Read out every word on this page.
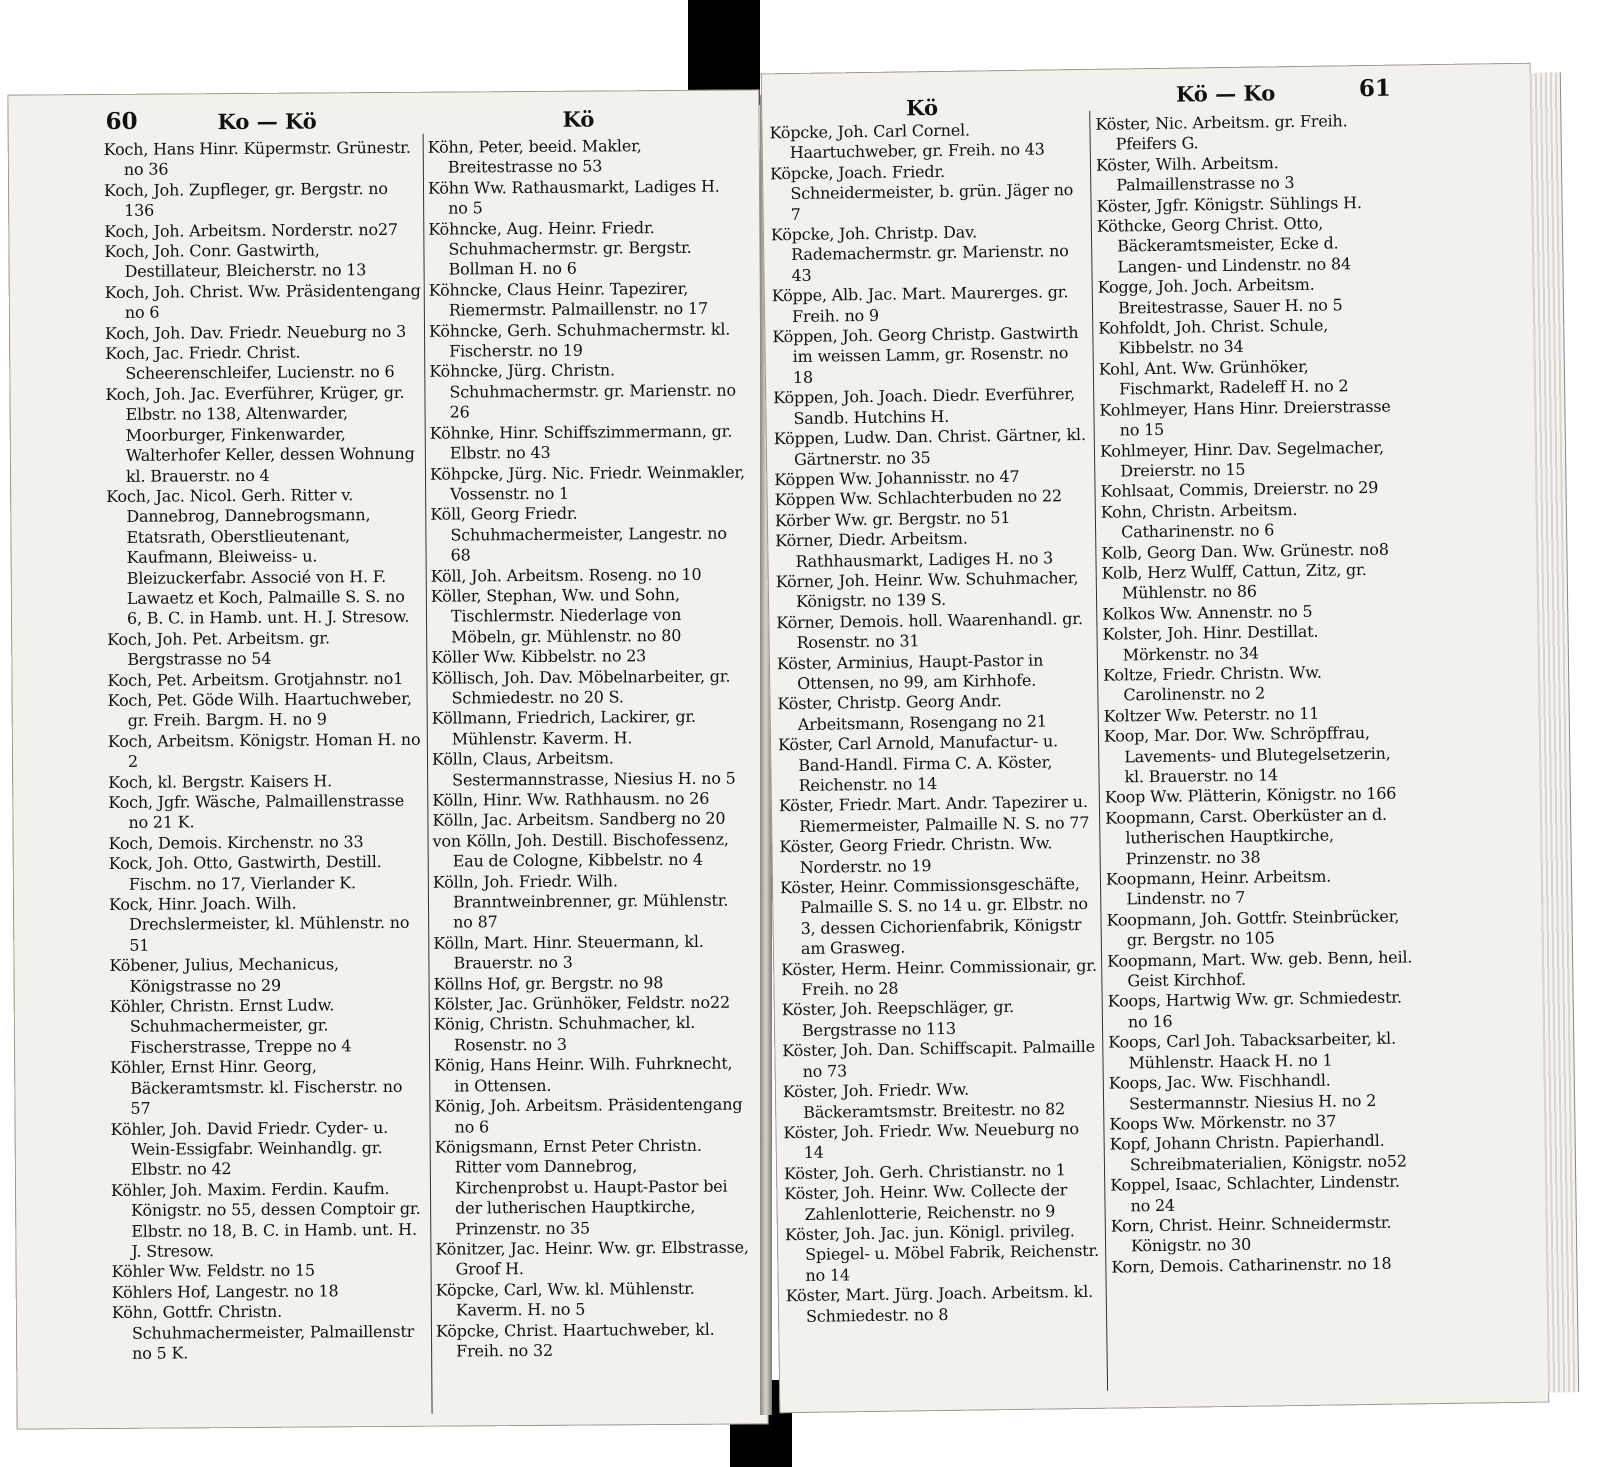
60	Ko — Kö	Kö

Koch, Hans Hinr. Küpermstr. Grünestr. no 36

Koch, Joh. Zupfleger, gr. Bergstr. no 136

Koch, Joh. Arbeitsm. Norderstr. no27

Koch, Joh. Conr. Gastwirth, Destillateur, Bleicherstr. no 13

Koch, Joh. Christ. Ww. Präsidentengang no 6

Koch, Joh. Dav. Friedr. Neueburg no 3

Koch, Jac. Friedr. Christ. Scheerenschleifer, Lucienstr. no 6

Koch, Joh. Jac. Everführer, Krüger, gr. Elbstr. no 138, Altenwarder, Moorburger, Finkenwarder, Walterhofer Keller, dessen Wohnung kl. Brauerstr. no 4

Koch, Jac. Nicol. Gerh. Ritter v. Dannebrog, Dannebrogsmann, Etatsrath, Oberstlieutenant, Kaufmann, Bleiweiss- u. Bleizuckerfabr. Associé von H. F. Lawaetz et Koch, Palmaille S. S. no 6, B. C. in Hamb. unt. H. J. Stresow.

Koch, Joh. Pet. Arbeitsm. gr. Bergstrasse no 54

Koch, Pet. Arbeitsm. Grotjahnstr. no1

Koch, Pet. Göde Wilh. Haartuchweber, gr. Freih. Bargm. H. no 9

Koch, Arbeitsm. Königstr. Homan H. no 2

Koch, kl. Bergstr. Kaisers H.

Koch, Jgfr. Wäsche, Palmaillenstrasse no 21 K.

Koch, Demois. Kirchenstr. no 33

Kock, Joh. Otto, Gastwirth, Destill. Fischm. no 17, Vierlander K.

Kock, Hinr. Joach. Wilh. Drechslermeister, kl. Mühlenstr. no 51

Köbener, Julius, Mechanicus, Königstrasse no 29

Köhler, Christn. Ernst Ludw. Schuhmachermeister, gr. Fischerstrasse, Treppe no 4

Köhler, Ernst Hinr. Georg, Bäckeramtsmstr. kl. Fischerstr. no 57

Köhler, Joh. David Friedr. Cyder- u. Wein-Essigfabr. Weinhandlg. gr. Elbstr. no 42

Köhler, Joh. Maxim. Ferdin. Kaufm. Königstr. no 55, dessen Comptoir gr. Elbstr. no 18, B. C. in Hamb. unt. H. J. Stresow.

Köhler Ww. Feldstr. no 15

Köhlers Hof, Langestr. no 18

Köhn, Gottfr. Christn. Schuhmachermeister, Palmaillenstr no 5 K.

Köhn, Peter, beeid. Makler, Breitestrasse no 53

Köhn Ww. Rathausmarkt, Ladiges H. no 5

Köhncke, Aug. Heinr. Friedr. Schuhmachermstr. gr. Bergstr. Bollman H. no 6

Köhncke, Claus Heinr. Tapezirer, Riemermstr. Palmaillenstr. no 17

Köhncke, Gerh. Schuhmachermstr. kl. Fischerstr. no 19

Köhncke, Jürg. Christn. Schuhmachermstr. gr. Marienstr. no 26

Köhnke, Hinr. Schiffszimmermann, gr. Elbstr. no 43

Köhpcke, Jürg. Nic. Friedr. Weinmakler, Vossenstr. no 1

Köll, Georg Friedr. Schuhmachermeister, Langestr. no 68

Köll, Joh. Arbeitsm. Roseng. no 10

Köller, Stephan, Ww. und Sohn, Tischlermstr. Niederlage von Möbeln, gr. Mühlenstr. no 80

Köller Ww. Kibbelstr. no 23

Köllisch, Joh. Dav. Möbelnarbeiter, gr. Schmiedestr. no 20 S.

Köllmann, Friedrich, Lackirer, gr. Mühlenstr. Kaverm. H.

Kölln, Claus, Arbeitsm. Sestermannstrasse, Niesius H. no 5

Kölln, Hinr. Ww. Rathhausm. no 26

Kölln, Jac. Arbeitsm. Sandberg no 20

von Kölln, Joh. Destill. Bischofessenz, Eau de Cologne, Kibbelstr. no 4

Kölln, Joh. Friedr. Wilh. Branntweinbrenner, gr. Mühlenstr. no 87

Kölln, Mart. Hinr. Steuermann, kl. Brauerstr. no 3

Köllns Hof, gr. Bergstr. no 98

Kölster, Jac. Grünhöker, Feldstr. no22

König, Christn. Schuhmacher, kl. Rosenstr. no 3

König, Hans Heinr. Wilh. Fuhrknecht, in Ottensen.

König, Joh. Arbeitsm. Präsidentengang no 6

Königsmann, Ernst Peter Christn. Ritter vom Dannebrog, Kirchenprobst u. Haupt-Pastor bei der lutherischen Hauptkirche, Prinzenstr. no 35

Könitzer, Jac. Heinr. Ww. gr. Elbstrasse, Groof H.

Köpcke, Carl, Ww. kl. Mühlenstr. Kaverm. H. no 5

Köpcke, Christ. Haartuchweber, kl. Freih. no 32

Kö
Kö — Ko	61

Köpcke, Joh. Carl Cornel. Haartuchweber, gr. Freih. no 43

Köpcke, Joach. Friedr. Schneidermeister, b. grün. Jäger no 7

Köpcke, Joh. Christp. Dav. Rademachermstr. gr. Marienstr. no 43

Köppe, Alb. Jac. Mart. Maurerges. gr. Freih. no 9

Köppen, Joh. Georg Christp. Gastwirth im weissen Lamm, gr. Rosenstr. no 18

Köppen, Joh. Joach. Diedr. Everführer, Sandb. Hutchins H.

Köppen, Ludw. Dan. Christ. Gärtner, kl. Gärtnerstr. no 35

Köppen Ww. Johannisstr. no 47

Köppen Ww. Schlachterbuden no 22

Körber Ww. gr. Bergstr. no 51

Körner, Diedr. Arbeitsm. Rathhausmarkt, Ladiges H. no 3

Körner, Joh. Heinr. Ww. Schuhmacher, Königstr. no 139 S.

Körner, Demois. holl. Waarenhandl. gr. Rosenstr. no 31

Köster, Arminius, Haupt-Pastor in Ottensen, no 99, am Kirhhofe.

Köster, Christp. Georg Andr. Arbeitsmann, Rosengang no 21

Köster, Carl Arnold, Manufactur- u. Band-Handl. Firma C. A. Köster, Reichenstr. no 14

Köster, Friedr. Mart. Andr. Tapezirer u. Riemermeister, Palmaille N. S. no 77

Köster, Georg Friedr. Christn. Ww. Norderstr. no 19

Köster, Heinr. Commissionsgeschäfte, Palmaille S. S. no 14 u. gr. Elbstr. no 3, dessen Cichorienfabrik, Königstr am Grasweg.

Köster, Herm. Heinr. Commissionair, gr. Freih. no 28

Köster, Joh. Reepschläger, gr. Bergstrasse no 113

Köster, Joh. Dan. Schiffscapit. Palmaille no 73

Köster, Joh. Friedr. Ww. Bäckeramtsmstr. Breitestr. no 82

Köster, Joh. Friedr. Ww. Neueburg no 14

Köster, Joh. Gerh. Christianstr. no 1

Köster, Joh. Heinr. Ww. Collecte der Zahlenlotterie, Reichenstr. no 9

Köster, Joh. Jac. jun. Königl. privileg. Spiegel- u. Möbel Fabrik, Reichenstr. no 14

Köster, Mart. Jürg. Joach. Arbeitsm. kl. Schmiedestr. no 8

Köster, Nic. Arbeitsm. gr. Freih. Pfeifers G.

Köster, Wilh. Arbeitsm. Palmaillenstrasse no 3

Köster, Jgfr. Königstr. Sühlings H.

Köthcke, Georg Christ. Otto, Bäckeramtsmeister, Ecke d. Langen- und Lindenstr. no 84

Kogge, Joh. Joch. Arbeitsm. Breitestrasse, Sauer H. no 5

Kohfoldt, Joh. Christ. Schule, Kibbelstr. no 34

Kohl, Ant. Ww. Grünhöker, Fischmarkt, Radeleff H. no 2

Kohlmeyer, Hans Hinr. Dreierstrasse no 15

Kohlmeyer, Hinr. Dav. Segelmacher, Dreierstr. no 15

Kohlsaat, Commis, Dreierstr. no 29

Kohn, Christn. Arbeitsm. Catharinenstr. no 6

Kolb, Georg Dan. Ww. Grünestr. no8

Kolb, Herz Wulff, Cattun, Zitz, gr. Mühlenstr. no 86

Kolkos Ww. Annenstr. no 5

Kolster, Joh. Hinr. Destillat. Mörkenstr. no 34

Koltze, Friedr. Christn. Ww. Carolinenstr. no 2

Koltzer Ww. Peterstr. no 11

Koop, Mar. Dor. Ww. Schröpffrau, Lavements- und Blutegelsetzerin, kl. Brauerstr. no 14

Koop Ww. Plätterin, Königstr. no 166

Koopmann, Carst. Oberküster an d. lutherischen Hauptkirche, Prinzenstr. no 38

Koopmann, Heinr. Arbeitsm. Lindenstr. no 7

Koopmann, Joh. Gottfr. Steinbrücker, gr. Bergstr. no 105

Koopmann, Mart. Ww. geb. Benn, heil. Geist Kirchhof.

Koops, Hartwig Ww. gr. Schmiedestr. no 16

Koops, Carl Joh. Tabacksarbeiter, kl. Mühlenstr. Haack H. no 1

Koops, Jac. Ww. Fischhandl. Sestermannstr. Niesius H. no 2

Koops Ww. Mörkenstr. no 37

Kopf, Johann Christn. Papierhandl. Schreibmaterialien, Königstr. no52

Koppel, Isaac, Schlachter, Lindenstr. no 24

Korn, Christ. Heinr. Schneidermstr. Königstr. no 30

Korn, Demois. Catharinenstr. no 18
